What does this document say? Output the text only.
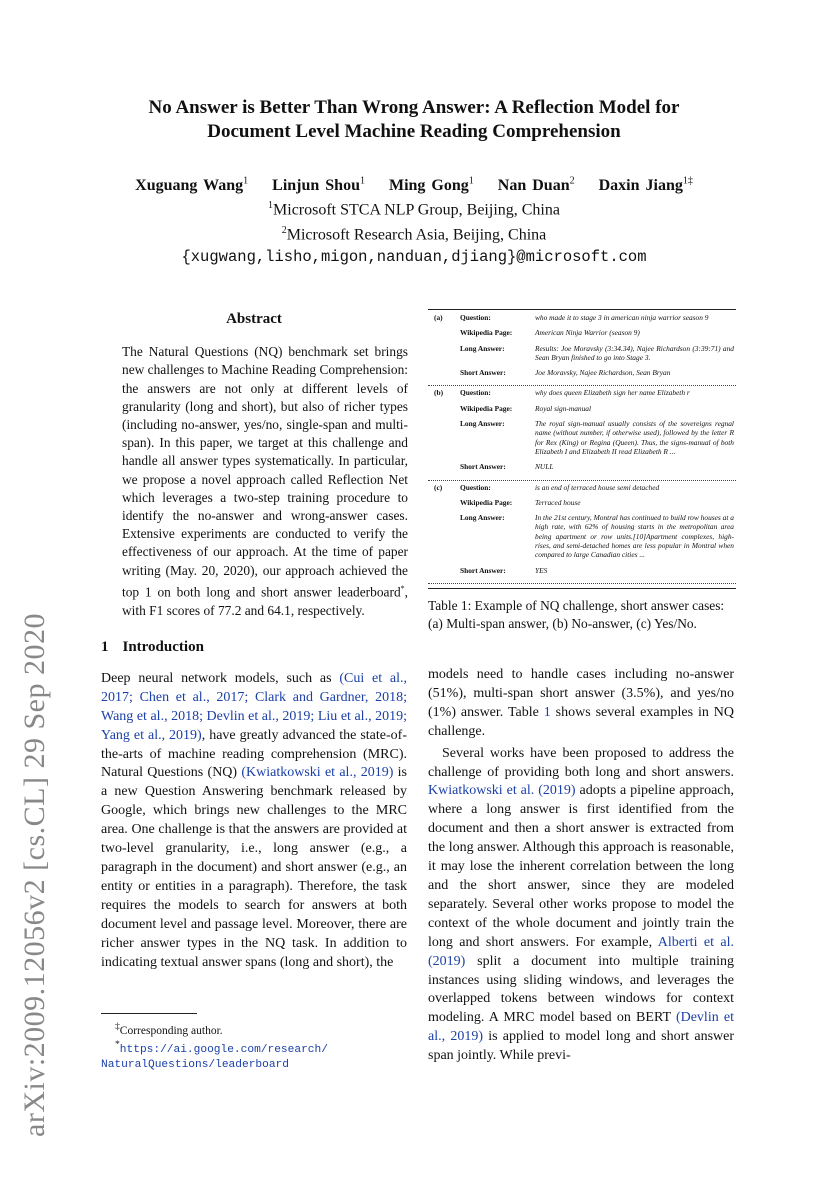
No Answer is Better Than Wrong Answer: A Reflection Model for
Document Level Machine Reading Comprehension
Xuguang Wang$^1$ Linjun Shou$^1$ Ming Gong$^1$ Nan Duan$^2$ Daxin Jiang$^{1\ddagger}$
$^1$Microsoft STCA NLP Group, Beijing, China
$^2$Microsoft Research Asia, Beijing, China
{xugwang,lisho,migon,nanduan,djiang}@microsoft.com
arXiv:2009.12056v2 [cs.CL] 29 Sep 2020
Abstract
The Natural Questions (NQ) benchmark set brings new challenges to Machine Reading Comprehension: the answers are not only at different levels of granularity (long and short), but also of richer types (including no-answer, yes/no, single-span and multi-span). In this paper, we target at this challenge and handle all answer types systematically. In particular, we propose a novel approach called Reflection Net which leverages a two-step training procedure to identify the no-answer and wrong-answer cases. Extensive experiments are conducted to verify the effectiveness of our approach. At the time of paper writing (May. 20, 2020), our approach achieved the top 1 on both long and short answer leaderboard*, with F1 scores of 77.2 and 64.1, respectively.
1 Introduction
Deep neural network models, such as (Cui et al., 2017; Chen et al., 2017; Clark and Gardner, 2018; Wang et al., 2018; Devlin et al., 2019; Liu et al., 2019; Yang et al., 2019), have greatly advanced the state-of-the-arts of machine reading comprehension (MRC). Natural Questions (NQ) (Kwiatkowski et al., 2019) is a new Question Answering benchmark released by Google, which brings new challenges to the MRC area. One challenge is that the answers are provided at two-level granularity, i.e., long answer (e.g., a paragraph in the document) and short answer (e.g., an entity or entities in a paragraph). Therefore, the task requires the models to search for answers at both document level and passage level. Moreover, there are richer answer types in the NQ task. In addition to indicating textual answer spans (long and short), the
‡Corresponding author.
*https://ai.google.com/research/
NaturalQuestions/leaderboard
(a)	Question:	who made it to stage 3 in american ninja warrior season 9
Wikipedia Page:	American Ninja Warrior (season 9)
Long Answer:	Results: Joe Moravsky (3:34.34), Najee Richardson (3:39:71) and Sean Bryan finished to go into Stage 3.
Short Answer:	Joe Moravsky, Najee Richardson, Sean Bryan
(b)	Question:	why does queen Elizabeth sign her name Elizabeth r
Wikipedia Page:	Royal sign-manual
Long Answer:	The royal sign-manual usually consists of the sovereigns regnal name (without number, if otherwise used), followed by the letter R for Rex (King) or Regina (Queen). Thus, the signs-manual of both Elizabeth I and Elizabeth II read Elizabeth R ...
Short Answer:	NULL
(c)	Question:	is an end of terraced house semi detached
Wikipedia Page:	Terraced house
Long Answer:	In the 21st century, Montral has continued to build row houses at a high rate, with 62% of housing starts in the metropolitan area being apartment or row units.[10]Apartment complexes, high-rises, and semi-detached homes are less popular in Montral when compared to large Canadian cities ...
Short Answer:	YES
Table 1: Example of NQ challenge, short answer cases: (a) Multi-span answer, (b) No-answer, (c) Yes/No.

models need to handle cases including no-answer (51%), multi-span short answer (3.5%), and yes/no (1%) answer. Table 1 shows several examples in NQ challenge.

Several works have been proposed to address the challenge of providing both long and short answers. Kwiatkowski et al. (2019) adopts a pipeline approach, where a long answer is first identified from the document and then a short answer is extracted from the long answer. Although this approach is reasonable, it may lose the inherent correlation between the long and the short answer, since they are modeled separately. Several other works propose to model the context of the whole document and jointly train the long and short answers. For example, Alberti et al. (2019) split a document into multiple training instances using sliding windows, and leverages the overlapped tokens between windows for context modeling. A MRC model based on BERT (Devlin et al., 2019) is applied to model long and short answer span jointly. While previ-
